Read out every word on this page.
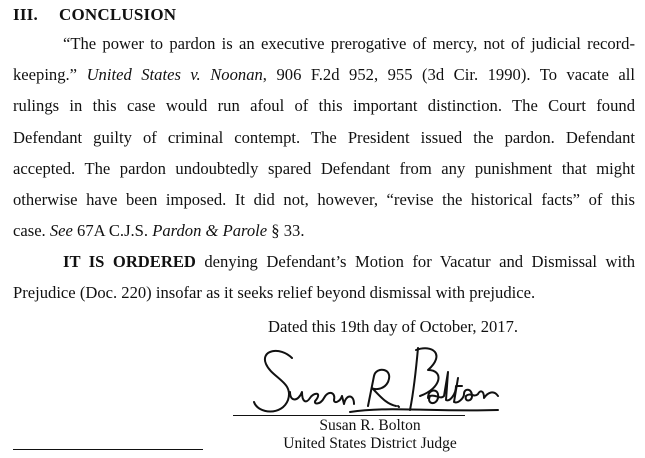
III. CONCLUSION
“The power to pardon is an executive prerogative of mercy, not of judicial record-
keeping.” United States v. Noonan, 906 F.2d 952, 955 (3d Cir. 1990). To vacate all
rulings in this case would run afoul of this important distinction. The Court found
Defendant guilty of criminal contempt. The President issued the pardon. Defendant
accepted. The pardon undoubtedly spared Defendant from any punishment that might
otherwise have been imposed. It did not, however, “revise the historical facts” of this
case. See 67A C.J.S. Pardon & Parole § 33.
IT IS ORDERED denying Defendant’s Motion for Vacatur and Dismissal with
Prejudice (Doc. 220) insofar as it seeks relief beyond dismissal with prejudice.
Dated this 19th day of October, 2017.
Susan R. Bolton
United States District Judge
